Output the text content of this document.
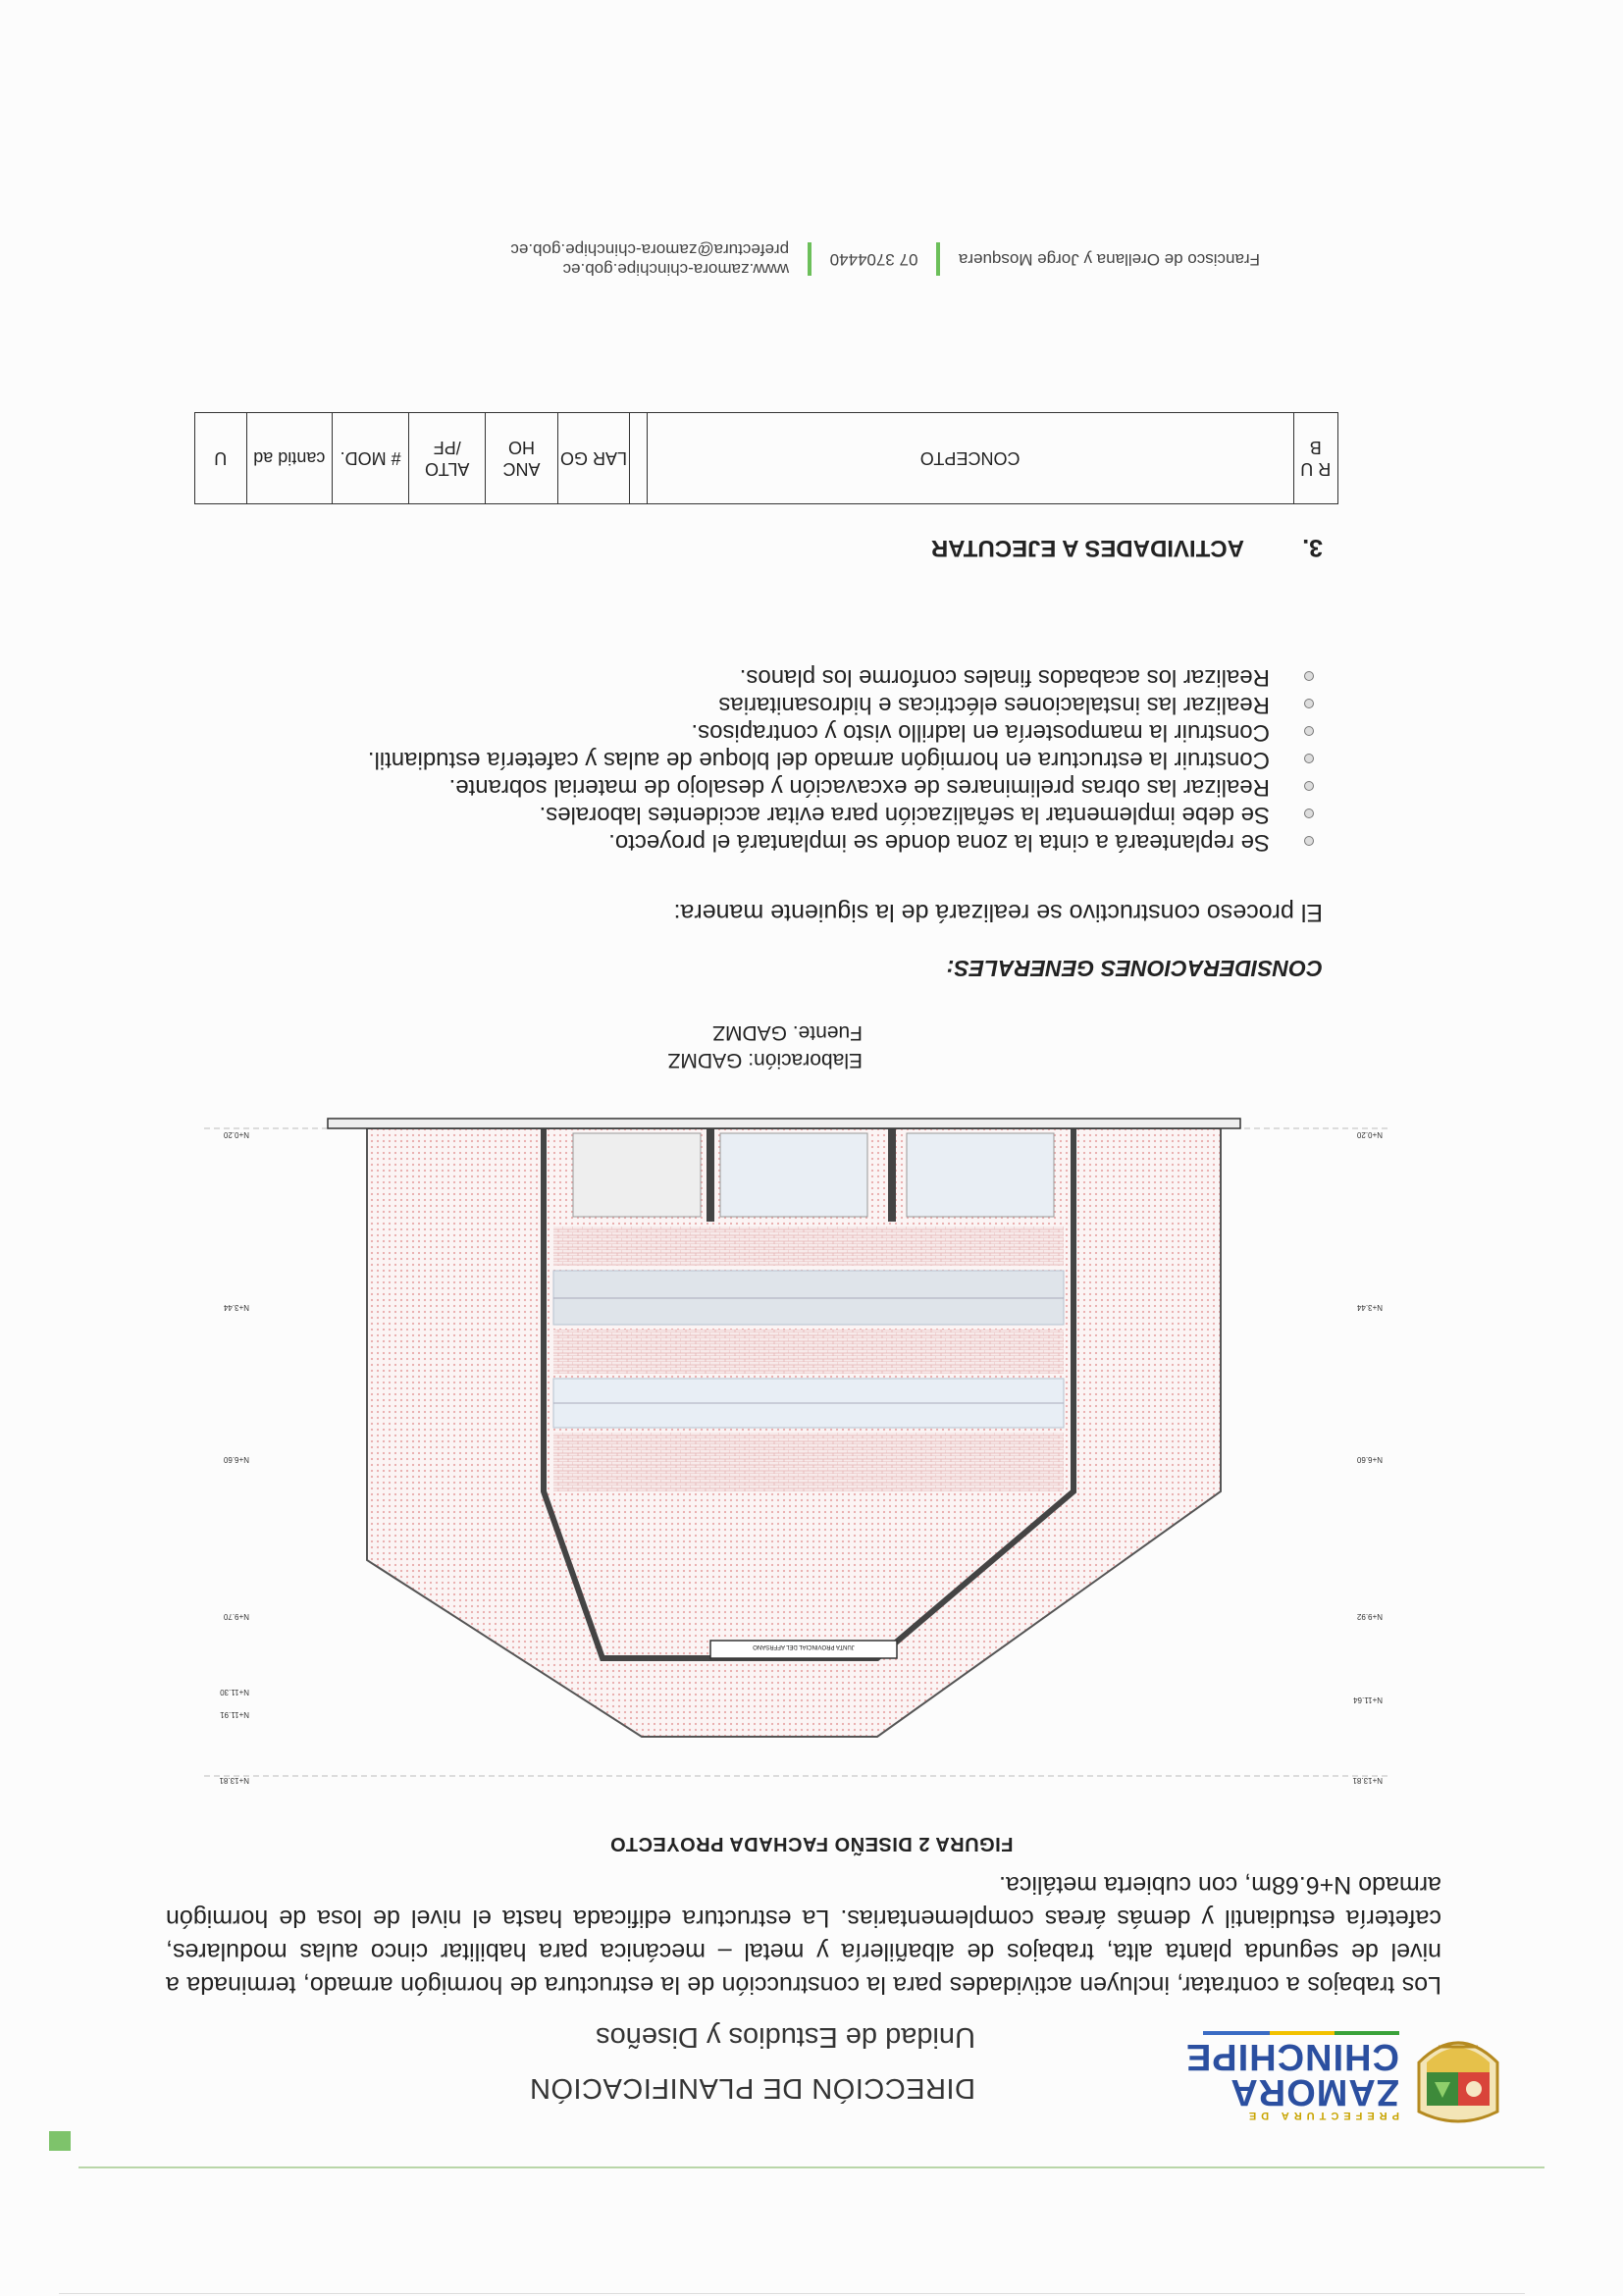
PREFECTURA DE
ZAMORA
CHINCHIPE
DIRECCIÓN DE PLANIFICACIÓN
Unidad de Estudios y Diseños
Los trabajos a contratar, incluyen actividades para la construcción de la estructura de hormigón armado, terminada a nivel de segunda planta alta, trabajos de albañilería y metal – mecánica para habilitar cinco aulas modulares, cafetería estudiantil y demás áreas complementarias. La estructura edificada hasta el nivel de losa de hormigón armado N+6.68m, con cubierta metálica.
FIGURA 2 DISEÑO FACHADA PROYECTO
JUNTA PROVINCIAL DEL AFFRSANO
N+13.81
N+11.64
N+9.92
N+6.60
N+3.44
N+0.20
N+13.81
N+11.91
N+11.30
N+9.70
N+6.60
N+3.44
N+0.20
Elaboración: GADMZ
Fuente. GADMZ
CONSIDERACIONES GENERALES:
El proceso constructivo se realizará de la siguiente manera:
Se replanteará a cinta la zona donde se implantará el proyecto.
Se debe implementar la señalización para evitar accidentes laborales.
Realizar las obras preliminares de excavación y desalojo de material sobrante.
Construir la estructura en hormigón armado del bloque de aulas y cafetería estudiantil.
Construir la mampostería en ladrillo visto y contrapisos.
Realizar las instalaciones eléctricas e hidrosanitarias
Realizar los acabados finales conforme los planos.
3.
ACTIVIDADES A EJECUTAR
R U B	CONCEPTO		LAR GO	ANC HO	ALTO /PF	# MOD.	cantid ad	U
Francisco de Orellana y Jorge Mosquera  07 3704440  www.zamora-chinchipe.gob.ec
prefectura@zamora-chinchipe.gob.ec
